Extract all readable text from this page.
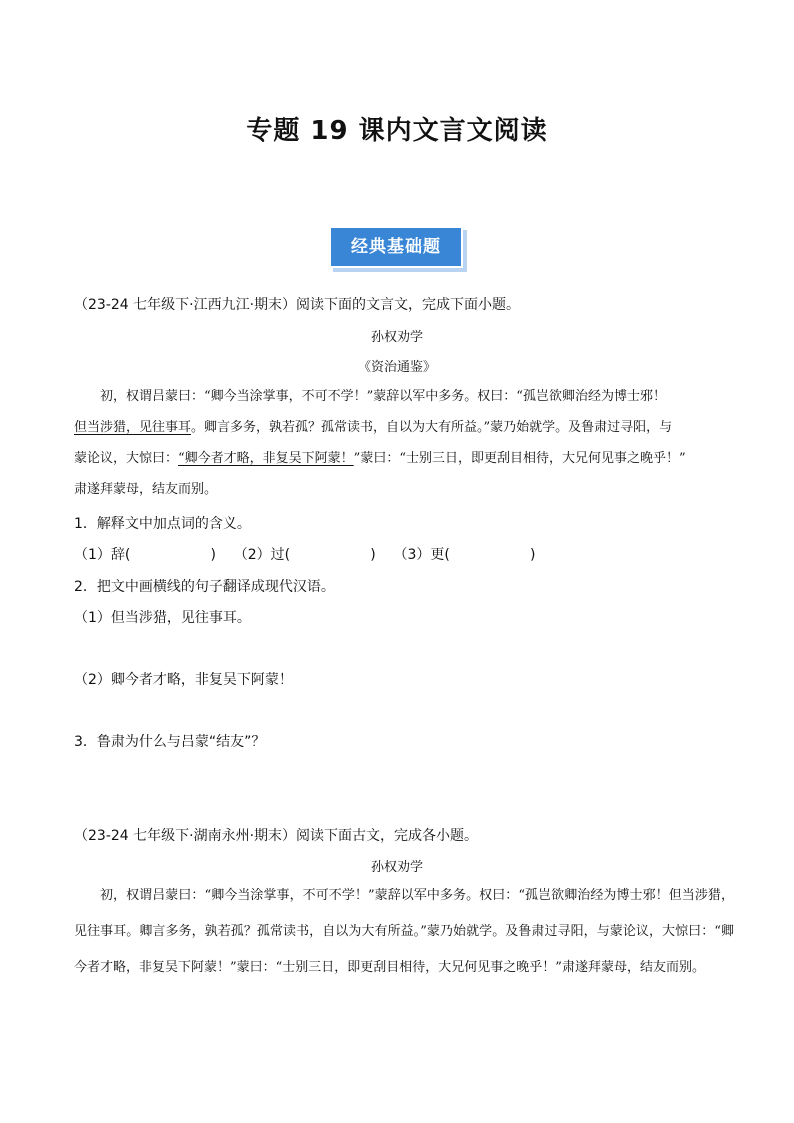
专题 19 课内文言文阅读
经典基础题
（23-24 七年级下·江西九江·期末）阅读下面的文言文，完成下面小题。
孙权劝学
《资治通鉴》
初，权谓吕蒙曰：“卿今当涂掌事，不可不学！”蒙辞以军中多务。权曰：“孤岂欲卿治经为博士邪！
但当涉猎，见往事耳。卿言多务，孰若孤？孤常读书，自以为大有所益。”蒙乃始就学。及鲁肃过寻阳，与
蒙论议，大惊曰：“卿今者才略，非复吴下阿蒙！”蒙曰：“士别三日，即更刮目相待，大兄何见事之晚乎！”
肃遂拜蒙母，结友而别。
1．解释文中加点词的含义。
（1）辞(                  )    （2）过(                  )    （3）更(                  )
2．把文中画横线的句子翻译成现代汉语。
（1）但当涉猎，见往事耳。
（2）卿今者才略，非复吴下阿蒙！
3．鲁肃为什么与吕蒙“结友”？
（23-24 七年级下·湖南永州·期末）阅读下面古文，完成各小题。
孙权劝学
初，权谓吕蒙曰：“卿今当涂掌事，不可不学！”蒙辞以军中多务。权曰：“孤岂欲卿治经为博士邪！但当涉猎，见往事耳。卿言多务，孰若孤？孤常读书，自以为大有所益。”蒙乃始就学。及鲁肃过寻阳，与蒙论议，大惊曰：“卿今者才略，非复吴下阿蒙！”蒙曰：“士别三日，即更刮目相待，大兄何见事之晚乎！”肃遂拜蒙母，结友而别。
